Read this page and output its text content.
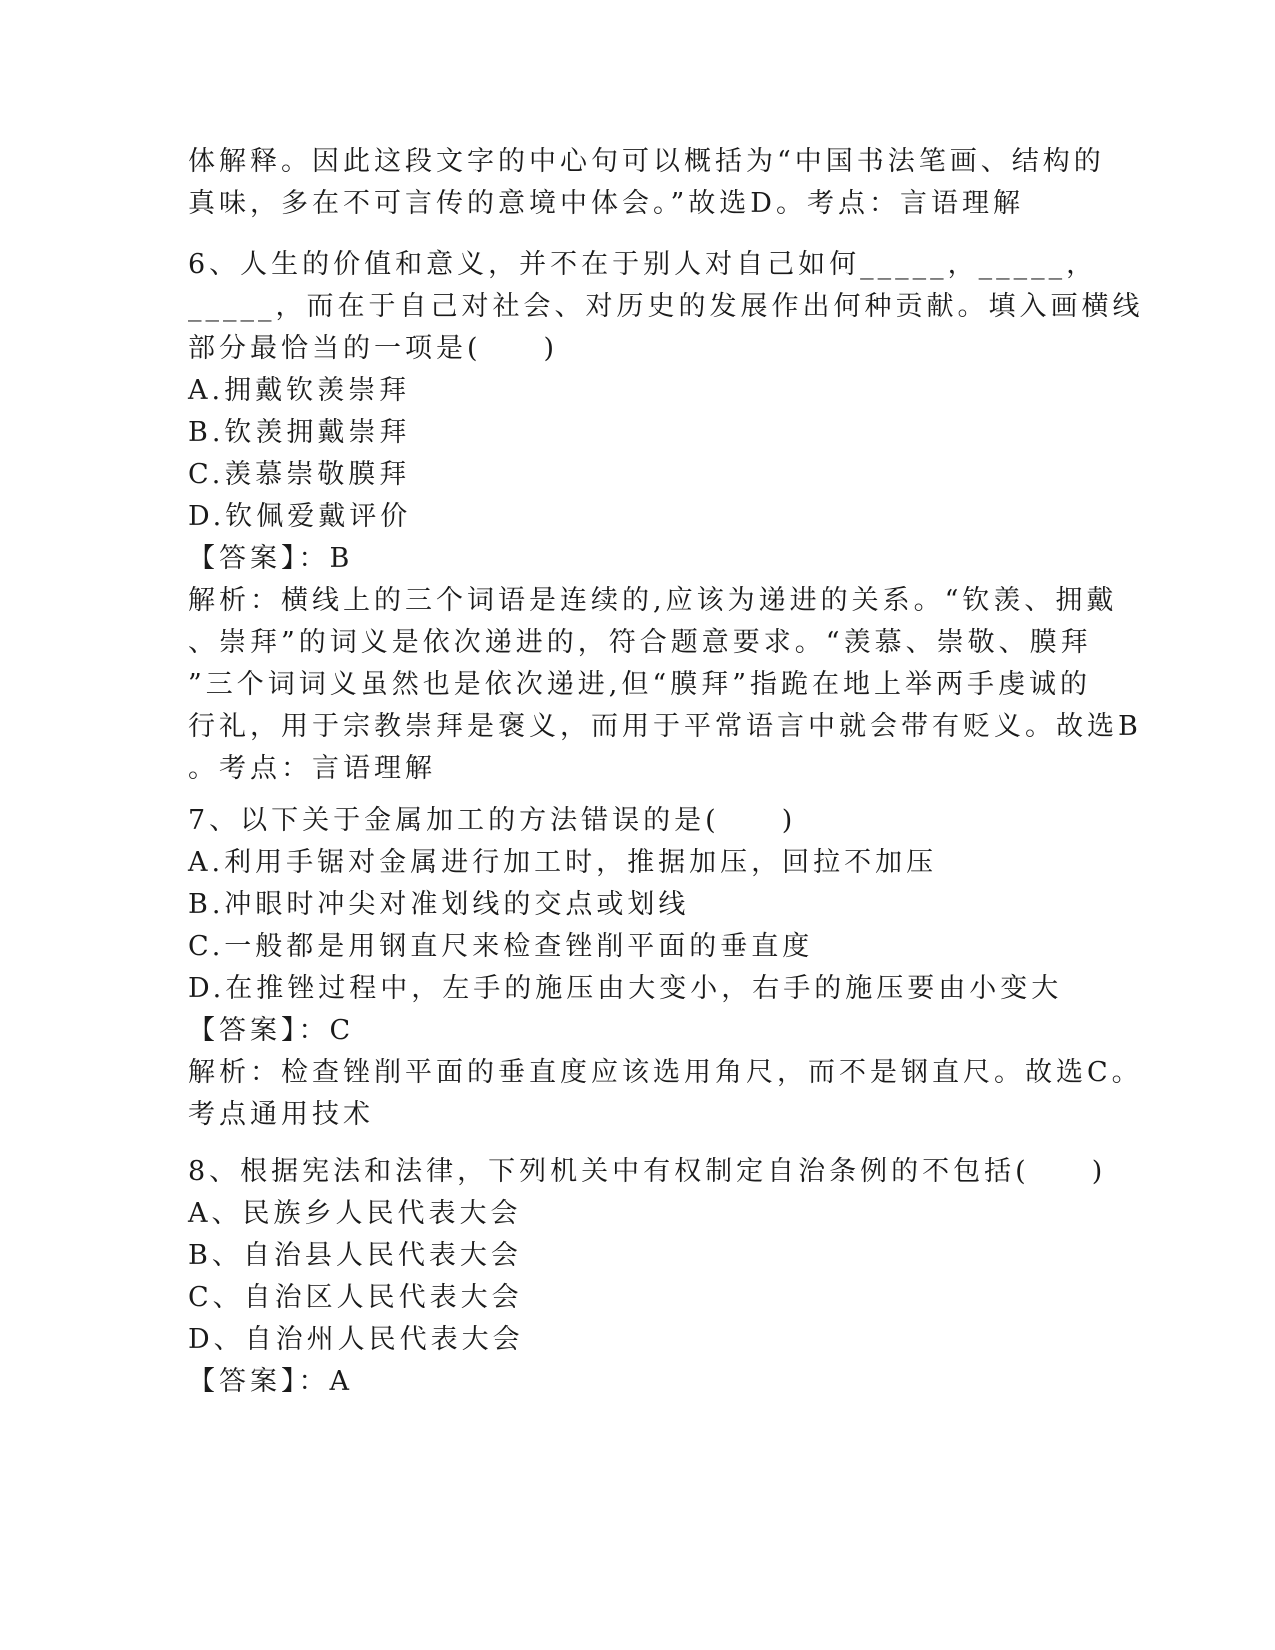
体解释。因此这段文字的中心句可以概括为“中国书法笔画、结构的
真味，多在不可言传的意境中体会。”故选D。考点：言语理解
6、人生的价值和意义，并不在于别人对自己如何_____，_____，
_____，而在于自己对社会、对历史的发展作出何种贡献。填入画横线
部分最恰当的一项是(　　)
A.拥戴钦羡崇拜
B.钦羡拥戴崇拜
C.羡慕崇敬膜拜
D.钦佩爱戴评价
【答案】：B
解析：横线上的三个词语是连续的,应该为递进的关系。“钦羡、拥戴
、崇拜”的词义是依次递进的，符合题意要求。“羡慕、崇敬、膜拜
”三个词词义虽然也是依次递进,但“膜拜”指跪在地上举两手虔诚的
行礼，用于宗教崇拜是褒义，而用于平常语言中就会带有贬义。故选B
。考点：言语理解
7、以下关于金属加工的方法错误的是(　　)
A.利用手锯对金属进行加工时，推据加压，回拉不加压
B.冲眼时冲尖对准划线的交点或划线
C.一般都是用钢直尺来检查锉削平面的垂直度
D.在推锉过程中，左手的施压由大变小，右手的施压要由小变大
【答案】：C
解析：检查锉削平面的垂直度应该选用角尺，而不是钢直尺。故选C。
考点通用技术
8、根据宪法和法律，下列机关中有权制定自治条例的不包括(　　)
A、民族乡人民代表大会
B、自治县人民代表大会
C、自治区人民代表大会
D、自治州人民代表大会
【答案】：A
